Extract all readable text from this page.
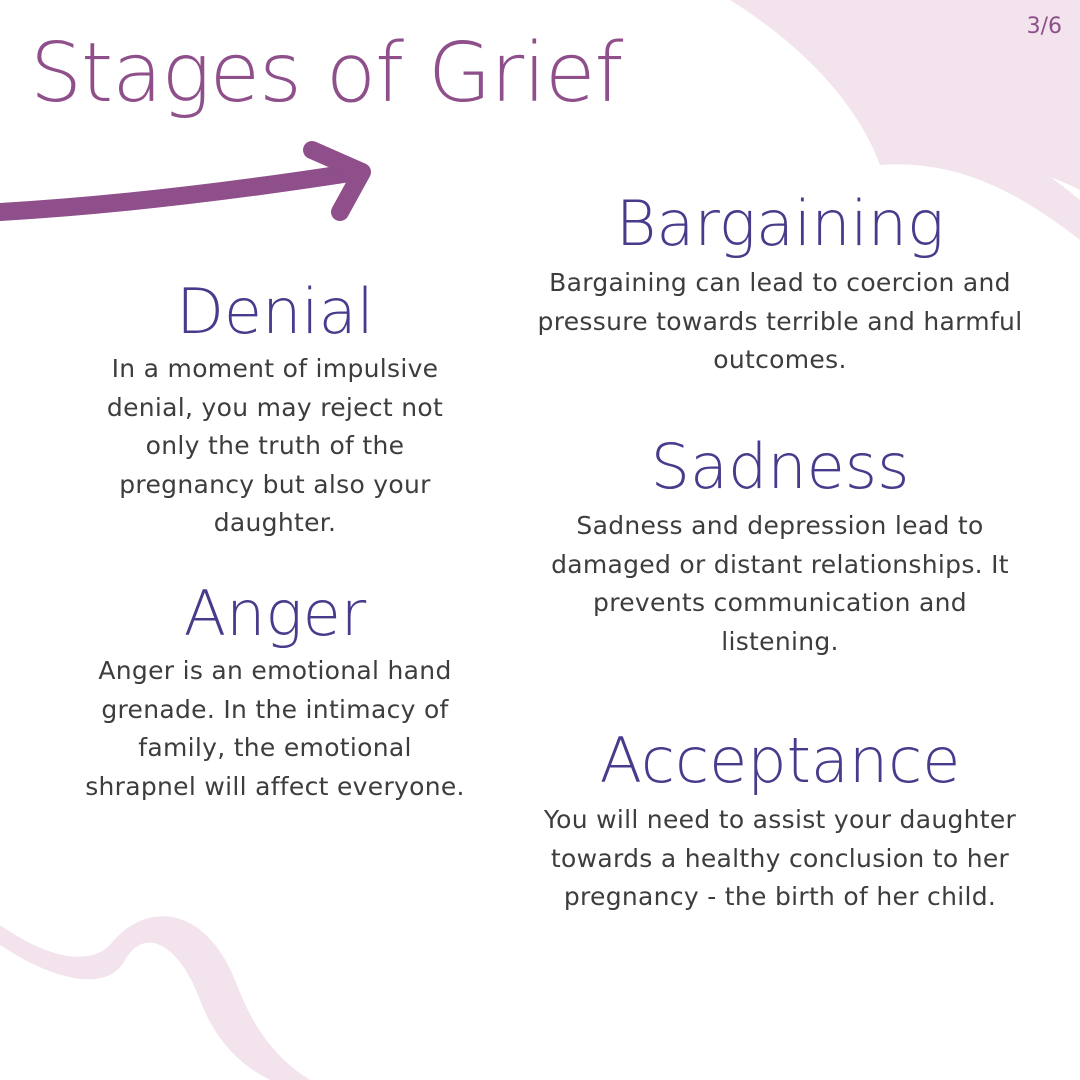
3/6
Stages of Grief
Denial

In a moment of impulsive denial, you may reject not only the truth of the pregnancy but also your daughter.

Anger

Anger is an emotional hand grenade. In the intimacy of family, the emotional shrapnel will affect everyone.

Bargaining

Bargaining can lead to coercion and pressure towards terrible and harmful outcomes.

Sadness

Sadness and depression lead to damaged or distant relationships. It prevents communication and listening.

Acceptance

You will need to assist your daughter towards a healthy conclusion to her pregnancy - the birth of her child.
